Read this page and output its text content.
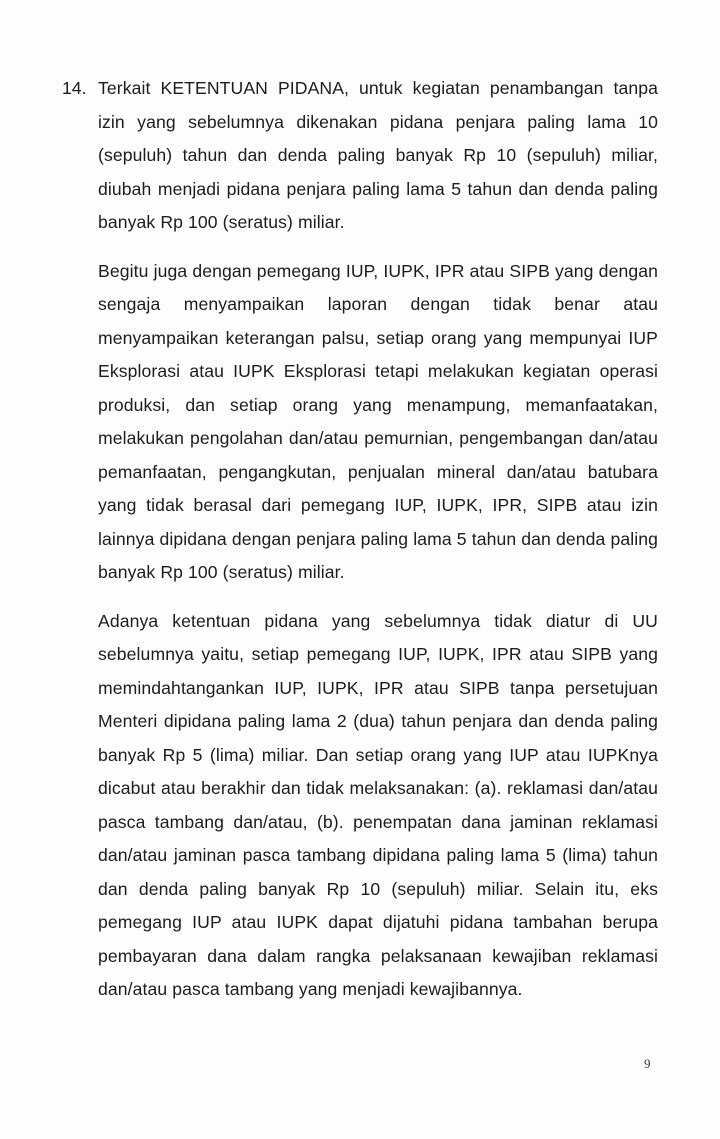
14. Terkait KETENTUAN PIDANA, untuk kegiatan penambangan tanpa izin yang sebelumnya dikenakan pidana penjara paling lama 10 (sepuluh) tahun dan denda paling banyak Rp 10 (sepuluh) miliar, diubah menjadi pidana penjara paling lama 5 tahun dan denda paling banyak Rp 100 (seratus) miliar.

Begitu juga dengan pemegang IUP, IUPK, IPR atau SIPB yang dengan sengaja menyampaikan laporan dengan tidak benar atau menyampaikan keterangan palsu, setiap orang yang mempunyai IUP Eksplorasi atau IUPK Eksplorasi tetapi melakukan kegiatan operasi produksi, dan setiap orang yang menampung, memanfaatakan, melakukan pengolahan dan/atau pemurnian, pengembangan dan/atau pemanfaatan, pengangkutan, penjualan mineral dan/atau batubara yang tidak berasal dari pemegang IUP, IUPK, IPR, SIPB atau izin lainnya dipidana dengan penjara paling lama 5 tahun dan denda paling banyak Rp 100 (seratus) miliar.

Adanya ketentuan pidana yang sebelumnya tidak diatur di UU sebelumnya yaitu, setiap pemegang IUP, IUPK, IPR atau SIPB yang memindahtangankan IUP, IUPK, IPR atau SIPB tanpa persetujuan Menteri dipidana paling lama 2 (dua) tahun penjara dan denda paling banyak Rp 5 (lima) miliar. Dan setiap orang yang IUP atau IUPKnya dicabut atau berakhir dan tidak melaksanakan: (a). reklamasi dan/atau pasca tambang dan/atau, (b). penempatan dana jaminan reklamasi dan/atau jaminan pasca tambang dipidana paling lama 5 (lima) tahun dan denda paling banyak Rp 10 (sepuluh) miliar. Selain itu, eks pemegang IUP atau IUPK dapat dijatuhi pidana tambahan berupa pembayaran dana dalam rangka pelaksanaan kewajiban reklamasi dan/atau pasca tambang yang menjadi kewajibannya.

9
